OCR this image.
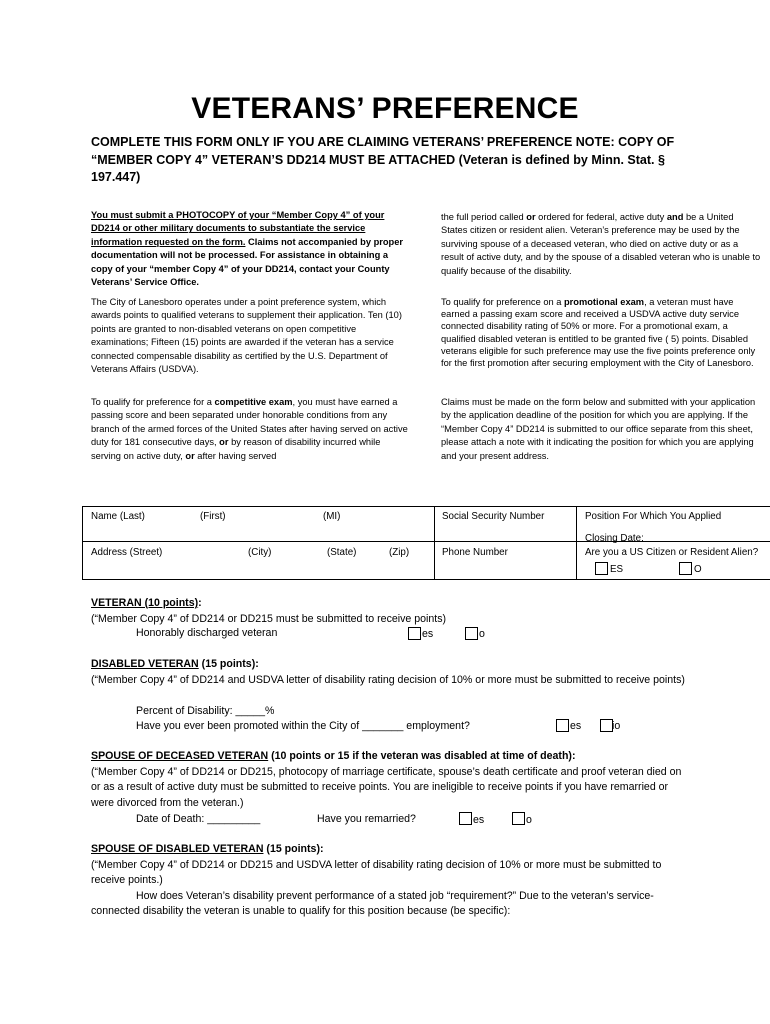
VETERANS’ PREFERENCE
COMPLETE THIS FORM ONLY IF YOU ARE CLAIMING VETERANS’ PREFERENCE NOTE: COPY OF “MEMBER COPY 4” VETERAN’S DD214 MUST BE ATTACHED (Veteran is defined by Minn. Stat. § 197.447)

You must submit a PHOTOCOPY of your “Member Copy 4” of your DD214 or other military documents to substantiate the service information requested on the form. Claims not accompanied by proper documentation will not be processed. For assistance in obtaining a copy of your “member Copy 4” of your DD214, contact your County Veterans’ Service Office.

The City of Lanesboro operates under a point preference system, which awards points to qualified veterans to supplement their application. Ten (10) points are granted to non-disabled veterans on open competitive examinations; Fifteen (15) points are awarded if the veteran has a service connected compensable disability as certified by the U.S. Department of Veterans Affairs (USDVA).

To qualify for preference for a competitive exam, you must have earned a passing score and been separated under honorable conditions from any branch of the armed forces of the United States after having served on active duty for 181 consecutive days, or by reason of disability incurred while serving on active duty, or after having served

the full period called or ordered for federal, active duty and be a United States citizen or resident alien. Veteran’s preference may be used by the surviving spouse of a deceased veteran, who died on active duty or as a result of active duty, and by the spouse of a disabled veteran who is unable to qualify because of the disability.

To qualify for preference on a promotional exam, a veteran must have earned a passing exam score and received a USDVA active duty service connected disability rating of 50% or more. For a promotional exam, a qualified disabled veteran is entitled to be granted five ( 5) points. Disabled veterans eligible for such preference may use the five points preference only for the first promotion after securing employment with the City of Lanesboro.

Claims must be made on the form below and submitted with your application by the application deadline of the position for which you are applying. If the “Member Copy 4” DD214 is submitted to our office separate from this sheet, please attach a note with it indicating the position for which you are applying and your present address.

Name (Last)	(First)	(MI)	Social Security Number	Position For Which You Applied
Closing Date:
Address (Street)	(City)	(State)	(Zip)	Phone Number	Are you a US Citizen or Resident Alien?
ES	O
VETERAN (10 points):
(“Member Copy 4” of DD214 or DD215 must be submitted to receive points)
Honorably discharged veteran	es	o
DISABLED VETERAN (15 points):
(“Member Copy 4” of DD214 and USDVA letter of disability rating decision of 10% or more must be submitted to receive points)
Percent of Disability: _____%
Have you ever been promoted within the City of _______ employment?	es	io
SPOUSE OF DECEASED VETERAN (10 points or 15 if the veteran was disabled at time of death):
(“Member Copy 4” of DD214 or DD215, photocopy of marriage certificate, spouse’s death certificate and proof veteran died on or as a result of active duty must be submitted to receive points. You are ineligible to receive points if you have remarried or were divorced from the veteran.)
Date of Death: _________	Have you remarried?	es	o
SPOUSE OF DISABLED VETERAN (15 points):
(“Member Copy 4” of DD214 or DD215 and USDVA letter of disability rating decision of 10% or more must be submitted to receive points.)
How does Veteran’s disability prevent performance of a stated job “requirement?” Due to the veteran’s service-connected disability the veteran is unable to qualify for this position because (be specific):
